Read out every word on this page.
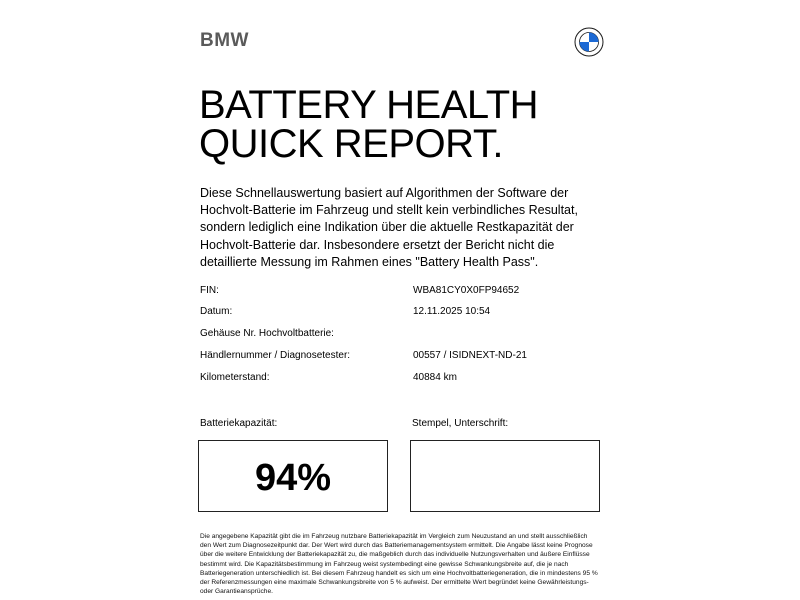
BMW
BATTERY HEALTH
QUICK REPORT.

Diese Schnellauswertung basiert auf Algorithmen der Software der Hochvolt-Batterie im Fahrzeug und stellt kein verbindliches Resultat, sondern lediglich eine Indikation über die aktuelle Restkapazität der Hochvolt-Batterie dar. Insbesondere ersetzt der Bericht nicht die detaillierte Messung im Rahmen eines "Battery Health Pass".

FIN:	WBA81CY0X0FP94652
Datum:	12.11.2025 10:54
Gehäuse Nr. Hochvoltbatterie:
Händlernummer / Diagnosetester:	00557 / ISIDNEXT-ND-21
Kilometerstand:	40884 km
Batteriekapazität:	Stempel, Unterschrift:
94%

Die angegebene Kapazität gibt die im Fahrzeug nutzbare Batteriekapazität im Vergleich zum Neuzustand an und stellt ausschließlich den Wert zum Diagnosezeitpunkt dar. Der Wert wird durch das Batteriemanagementsystem ermittelt. Die Angabe lässt keine Prognose über die weitere Entwicklung der Batteriekapazität zu, die maßgeblich durch das individuelle Nutzungsverhalten und äußere Einflüsse bestimmt wird. Die Kapazitätsbestimmung im Fahrzeug weist systembedingt eine gewisse Schwankungsbreite auf, die je nach Batteriegeneration unterschiedlich ist. Bei diesem Fahrzeug handelt es sich um eine Hochvoltbatteriegeneration, die in mindestens 95 % der Referenzmessungen eine maximale Schwankungsbreite von 5 % aufweist. Der ermittelte Wert begründet keine Gewährleistungs- oder Garantieansprüche.
